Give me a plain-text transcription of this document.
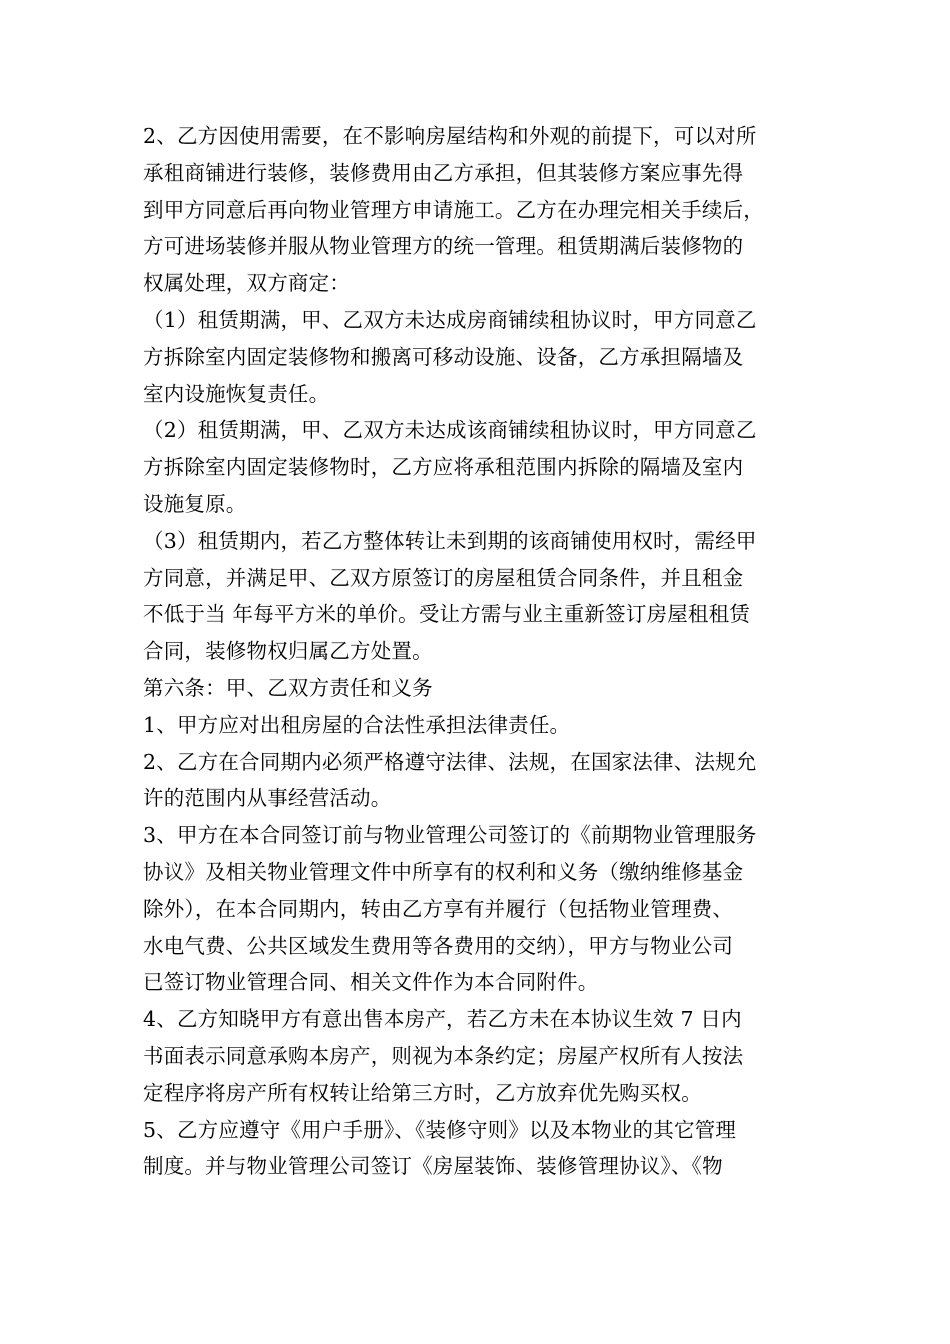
2、乙方因使用需要，在不影响房屋结构和外观的前提下，可以对所
承租商铺进行装修，装修费用由乙方承担，但其装修方案应事先得
到甲方同意后再向物业管理方申请施工。乙方在办理完相关手续后，
方可进场装修并服从物业管理方的统一管理。租赁期满后装修物的
权属处理，双方商定：
（1）租赁期满，甲、乙双方未达成房商铺续租协议时，甲方同意乙
方拆除室内固定装修物和搬离可移动设施、设备，乙方承担隔墙及
室内设施恢复责任。
（2）租赁期满，甲、乙双方未达成该商铺续租协议时，甲方同意乙
方拆除室内固定装修物时，乙方应将承租范围内拆除的隔墙及室内
设施复原。
（3）租赁期内，若乙方整体转让未到期的该商铺使用权时，需经甲
方同意，并满足甲、乙双方原签订的房屋租赁合同条件，并且租金
不低于当 年每平方米的单价。受让方需与业主重新签订房屋租租赁
合同，装修物权归属乙方处置。
第六条：甲、乙双方责任和义务
1、甲方应对出租房屋的合法性承担法律责任。
2、乙方在合同期内必须严格遵守法律、法规，在国家法律、法规允
许的范围内从事经营活动。
3、甲方在本合同签订前与物业管理公司签订的《前期物业管理服务
协议》及相关物业管理文件中所享有的权利和义务（缴纳维修基金
除外），在本合同期内，转由乙方享有并履行（包括物业管理费、
水电气费、公共区域发生费用等各费用的交纳），甲方与物业公司
已签订物业管理合同、相关文件作为本合同附件。
4、乙方知晓甲方有意出售本房产，若乙方未在本协议生效 7 日内
书面表示同意承购本房产，则视为本条约定；房屋产权所有人按法
定程序将房产所有权转让给第三方时，乙方放弃优先购买权。
5、乙方应遵守《用户手册》、《装修守则》以及本物业的其它管理
制度。并与物业管理公司签订《房屋装饰、装修管理协议》、《物
